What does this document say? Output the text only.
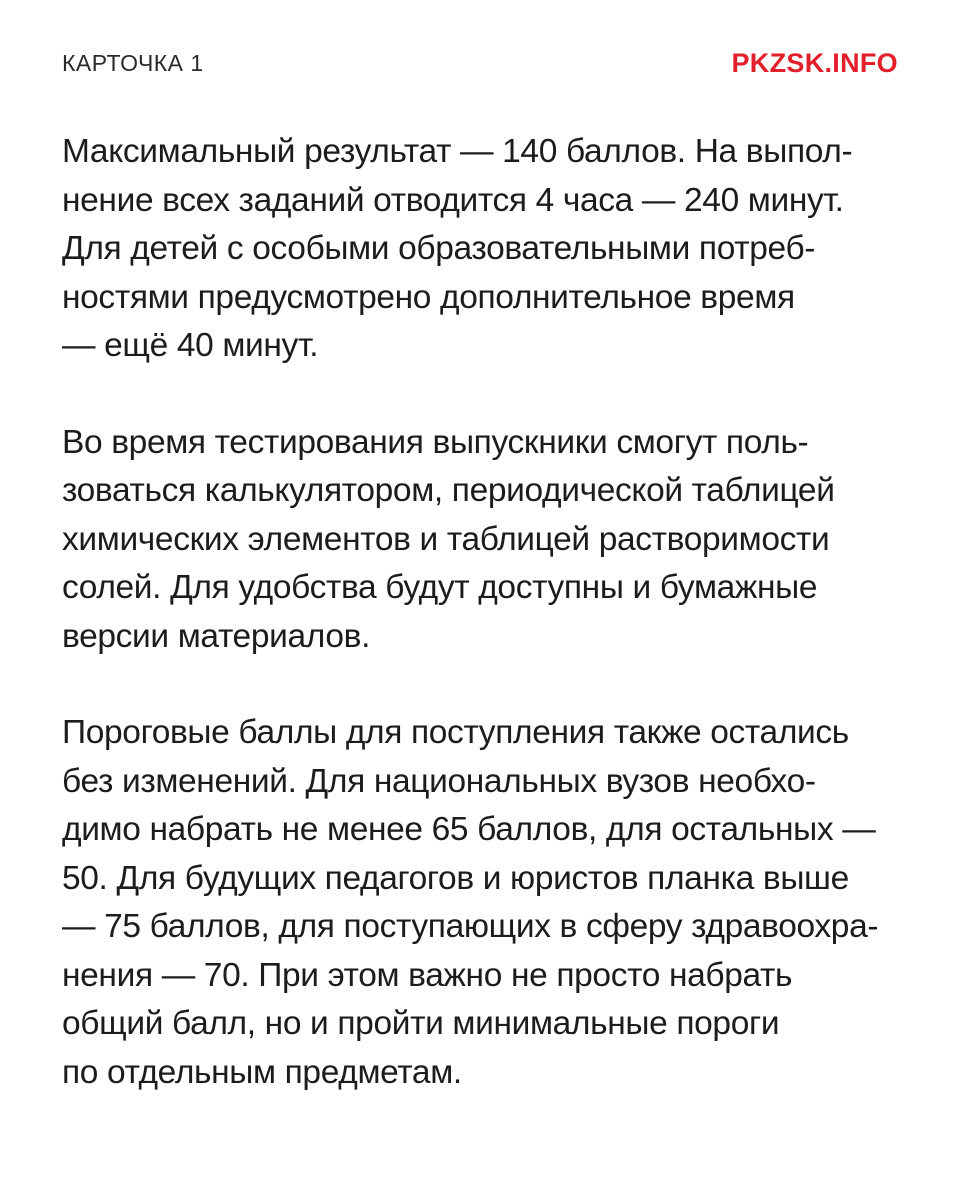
КАРТОЧКА 1	PKZSK.INFO

Максимальный результат — 140 баллов. На выпол-
нение всех заданий отводится 4 часа — 240 минут.
Для детей с особыми образовательными потреб-
ностями предусмотрено дополнительное время
— ещё 40 минут.

Во время тестирования выпускники смогут поль-
зоваться калькулятором, периодической таблицей
химических элементов и таблицей растворимости
солей. Для удобства будут доступны и бумажные
версии материалов.

Пороговые баллы для поступления также остались
без изменений. Для национальных вузов необхо-
димо набрать не менее 65 баллов, для остальных —
50. Для будущих педагогов и юристов планка выше
— 75 баллов, для поступающих в сферу здравоохра-
нения — 70. При этом важно не просто набрать
общий балл, но и пройти минимальные пороги
по отдельным предметам.
